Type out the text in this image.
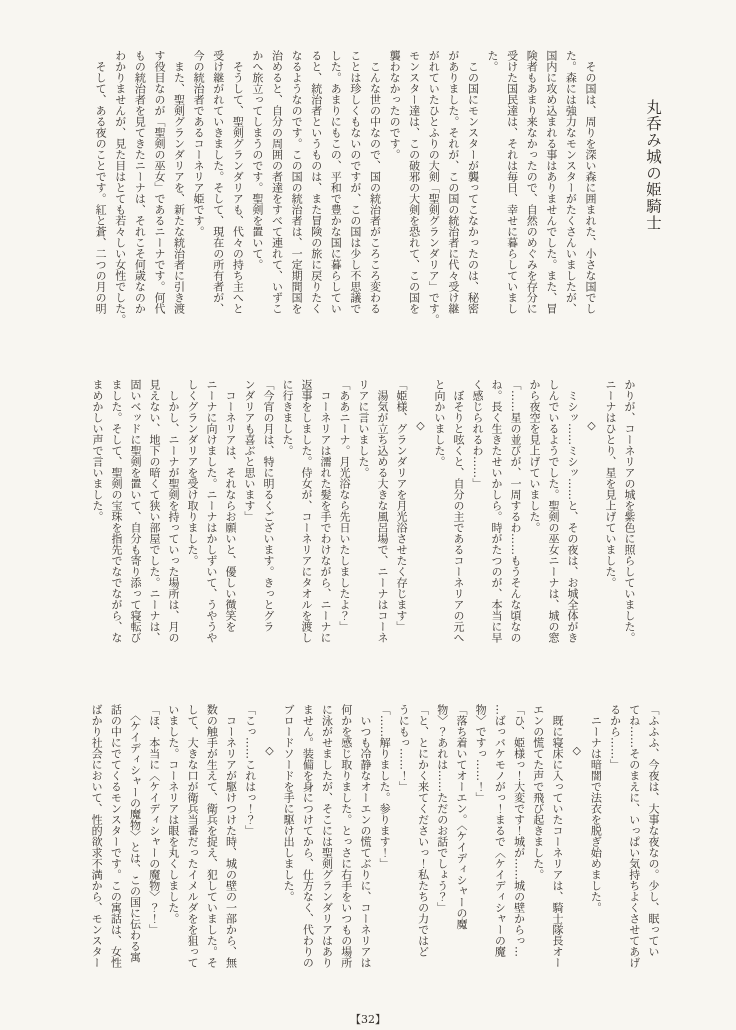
丸呑み城の姫騎士
　その国は、周りを深い森に囲まれた、小さな国でし
た。森には強力なモンスターがたくさんいましたが、
国内に攻め込まれる事はありませんでした。また、冒
険者もあまり来なかったので、自然のめぐみを存分に
受けた国民達は、それは毎日、幸せに暮らしていまし
た。
　この国にモンスターが襲ってこなかったのは、秘密
がありました。それが、この国の統治者に代々受け継
がれていたひとふりの大剣「聖剣グランダリア」です。
モンスター達は、この破邪の大剣を恐れて、この国を
襲わなかったのです。
　こんな世の中なので、国の統治者がころころ変わる
ことは珍しくもないのですが、この国は少し不思議で
した。あまりにもこの、平和で豊かな国に暮らしてい
ると、統治者というものは、また冒険の旅に戻りたく
なるようなのです。この国の統治者は、一定期間国を
治めると、自分の周囲の者達をすべて連れて、いずこ
かへ旅立ってしまうのです。聖剣を置いて。
　そうして、聖剣グランダリアも、代々の持ち主へと
受け継がれていきました。そして、現在の所有者が、
今の統治者であるコーネリア姫です。
　また、聖剣グランダリアを、新たな統治者に引き渡
す役目なのが「聖剣の巫女」であるニーナです。何代
もの統治者を見てきたニーナは、それこそ何歳なのか
わかりませんが、見た目はとても若々しい女性でした。
　そして、ある夜のことです。紅と蒼、二つの月の明
かりが、コーネリアの城を紫色に照らしていました。
ニーナはひとり、星を見上げていました。
◇
　ミシッ……ミシッ……と、その夜は、お城全体がき
しんでいるようでした。聖剣の巫女ニーナは、城の窓
から夜空を見上げていました。
「……星の並びが、一周するわ……もうそんな頃なの
ね。長く生きたせいかしら。時がたつのが、本当に早
く感じられるわ……」
　ぼそりと呟くと、自分の主であるコーネリアの元へ
と向かいました。
◇
「姫様、グランダリアを月光浴させたく存じます」
　湯気が立ち込める大きな風呂場で、ニーナはコーネ
リアに言いました。
「ああニーナ。月光浴なら先日いたしましたよ？」
　コーネリアは濡れた髪を手でわけながら、ニーナに
返事をしました。侍女が、コーネリアにタオルを渡し
に行きました。
「今宵の月は、特に明るくございます。きっとグラ
ンダリアも喜ぶと思います」
　コーネリアは、それならお願いと、優しい微笑を
ニーナに向けました。ニーナはかしずいて、うやうや
しくグランダリアを受け取りました。
　しかし、ニーナが聖剣を持っていった場所は、月の
見えない、地下の暗くて狭い部屋でした。ニーナは、
固いベッドに聖剣を置いて、自分も寄り添って寝転び
ました。そして、聖剣の宝珠を指先でなでながら、な
まめかしい声で言いました。
「ふふふ、今夜は、大事な夜なの。少し、眠ってい
てね……そのまえに、いっぱい気持ちよくさせてあげ
るから……」
　ニーナは暗闇で法衣を脱ぎ始めました。
◇
　既に寝床に入っていたコーネリアは、騎士隊長オー
エンの慌てた声で飛び起きました。
「ひ、姫様っ！大変です！城が……城の壁からっ…
…ばっバケモノがっ！まるで〈ケイディシャーの魔
物〉ですっ……！」
「落ち着いてオーエン。〈ケイディシャーの魔
物〉？あれは……ただのお話でしょう？」
「と、とにかく来てくださいっ！私たちの力ではど
うにもっ……！」
「……解りました。参ります！」
　いつも冷静なオーエンの慌てぶりに、コーネリアは
何かを感じ取りました。とっさに右手をいつもの場所
に泳がせましたが、そこには聖剣グランダリアはあり
ません。装備を身につけてから、仕方なく、代わりの
ブロードソードを手に駆け出しました。
◇
「こっ……これはっ！？」
　コーネリアが駆けつけた時、城の壁の一部から、無
数の触手が生えて、衛兵を捉え、犯していました。そ
して、大きな口が衛兵当番だったイメルダをを狙って
いました。コーネリアは眼を丸くしました。
「ほ、本当に〈ケイディシャーの魔物〉？！」
　〈ケイディシャーの魔物〉とは、この国に伝わる寓
話の中にでてくるモンスターです。この寓話は、女性
ばかり社会において、性的欲求不満から、モンスター
【32】
